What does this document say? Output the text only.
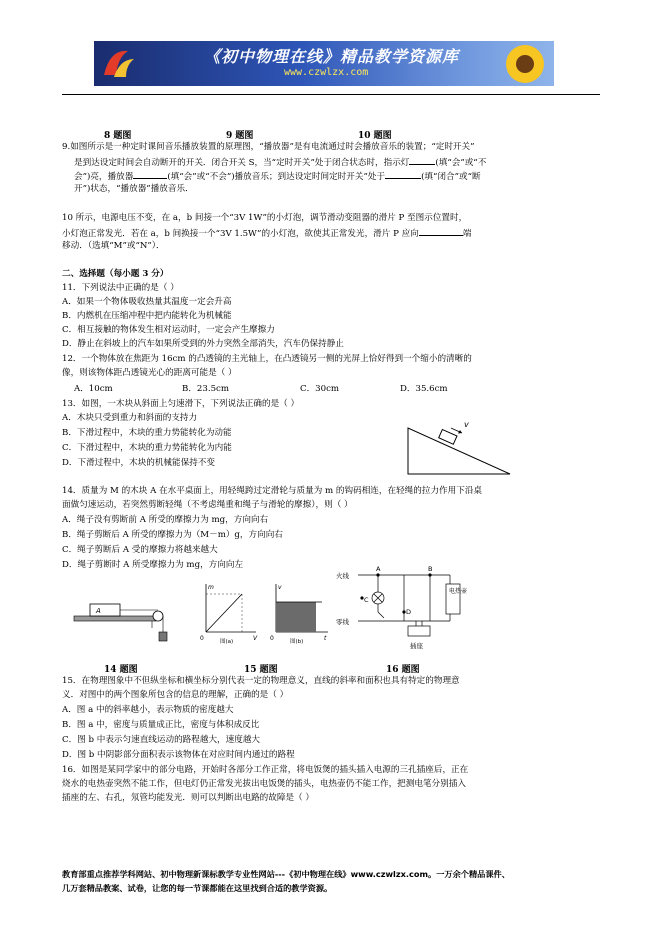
《初中物理在线》精品教学资源库
www.czwlzx.com
8 题图	9 题图	10 题图
9.如图所示是一种定时课间音乐播放装置的原理图，“播放器”是有电流通过时会播放音乐的装置；“定时开关”
是到达设定时间会自动断开的开关．闭合开关 S，当“定时开关”处于闭合状态时，指示灯	(填“会”或“不
会”)亮，播放器	(填“会”或“不会”)播放音乐；到达设定时间定时开关”处于	(填“闭合”或“断
开”)状态，“播放器”播放音乐．
10 所示，电源电压不变，在 a，b 间接一个“3V 1W”的小灯泡，调节滑动变阻器的滑片 P 至图示位置时，
小灯泡正常发光．若在 a，b 间换接一个“3V 1.5W”的小灯泡，欲使其正常发光，滑片 P 应向	端
移动．（选填“M”或“N”）．
二、选择题（每小题 3 分）
11．下列说法中正确的是（ ）
A．如果一个物体吸收热量其温度一定会升高
B．内燃机在压缩冲程中把内能转化为机械能
C．相互接触的物体发生相对运动时，一定会产生摩擦力
D．静止在斜坡上的汽车如果所受到的外力突然全部消失，汽车仍保持静止
12．一个物体放在焦距为 16cm 的凸透镜的主光轴上，在凸透镜另一侧的光屏上恰好得到一个缩小的清晰的
像，则该物体距凸透镜光心的距离可能是（ ）
A．10cm	B．23.5cm	C．30cm	D．35.6cm
13．如图，一木块从斜面上匀速滑下，下列说法正确的是（ ）
A．木块只受到重力和斜面的支持力
B．下滑过程中，木块的重力势能转化为动能
C．下滑过程中，木块的重力势能转化为内能
D．下滑过程中，木块的机械能保持不变
v
14．质量为 M 的木块 A 在水平桌面上，用轻绳跨过定滑轮与质量为 m 的钩码相连，在轻绳的拉力作用下沿桌
面做匀速运动，若突然剪断轻绳（不考虑绳重和绳子与滑轮的摩擦），则（ ）
A．绳子没有剪断前 A 所受的摩擦力为 mg，方向向右
B．绳子剪断后 A 所受的摩擦力为（M－m）g，方向向右
C．绳子剪断后 A 受的摩擦力将越来越大
D．绳子剪断时 A 所受摩擦力为 mg，方向向左
A
m
V
0	图(a)
v
t
0	图(b)
火线
零线
A	B
C
D
电热壶
插座
14 题图	15 题图	16 题图
15．在物理图象中不但纵坐标和横坐标分别代表一定的物理意义，直线的斜率和面积也具有特定的物理意
义．对图中的两个图象所包含的信息的理解，正确的是（ ）
A．图 a 中的斜率越小，表示物质的密度越大
B．图 a 中，密度与质量成正比，密度与体积成反比
C．图 b 中表示匀速直线运动的路程越大，速度越大
D．图 b 中阴影部分面积表示该物体在对应时间内通过的路程
16．如图是某同学家中的部分电路，开始时各部分工作正常，将电饭煲的插头插入电源的三孔插座后，正在
烧水的电热壶突然不能工作，但电灯仍正常发光拔出电饭煲的插头，电热壶仍不能工作，把测电笔分别插入
插座的左、右孔，氖管均能发光．则可以判断出电路的故障是（ ）
教育部重点推荐学科网站、初中物理新课标教学专业性网站---《初中物理在线》www.czwlzx.com。一万余个精品课件、
几万套精品教案、试卷，让您的每一节课都能在这里找到合适的教学资源。
